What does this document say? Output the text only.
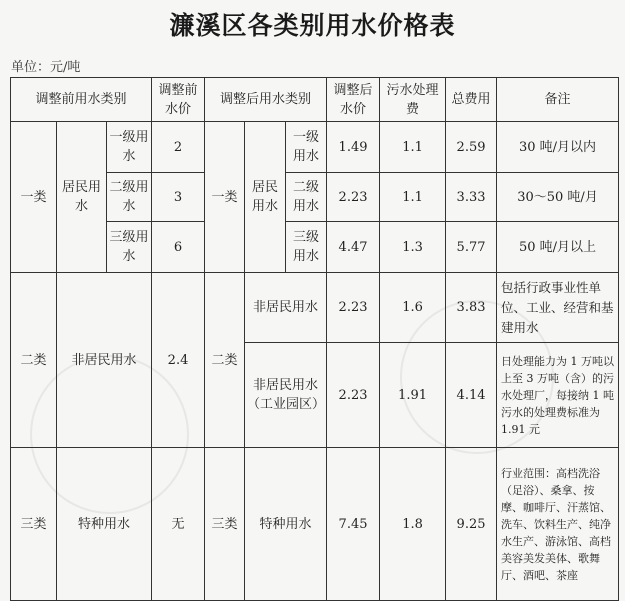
濂溪区各类别用水价格表
单位：元/吨
调整前用水类别			调整前水价	调整后用水类别			调整后水价	污水处理费	总费用	备注
一类	居民用水	一级用水	2	一类	居民用水	一级用水	1.49	1.1	2.59	30 吨/月以内
		二级用水	3			二级用水	2.23	1.1	3.33	30～50 吨/月
		三级用水	6			三级用水	4.47	1.3	5.77	50 吨/月以上
二类	非居民用水		2.4	二类	非居民用水		2.23	1.6	3.83	包括行政事业性单位、工业、经营和基建用水
					非居民用水（工业园区）		2.23	1.91	4.14	日处理能力为 1 万吨以上至 3 万吨（含）的污水处理厂，每接纳 1 吨污水的处理费标准为 1.91 元
三类	特种用水		无	三类	特种用水		7.45	1.8	9.25	行业范围：高档洗浴（足浴）、桑拿、按摩、咖啡厅、汗蒸馆、洗车、饮料生产、纯净水生产、游泳馆、高档美容美发美体、歌舞厅、酒吧、茶座
